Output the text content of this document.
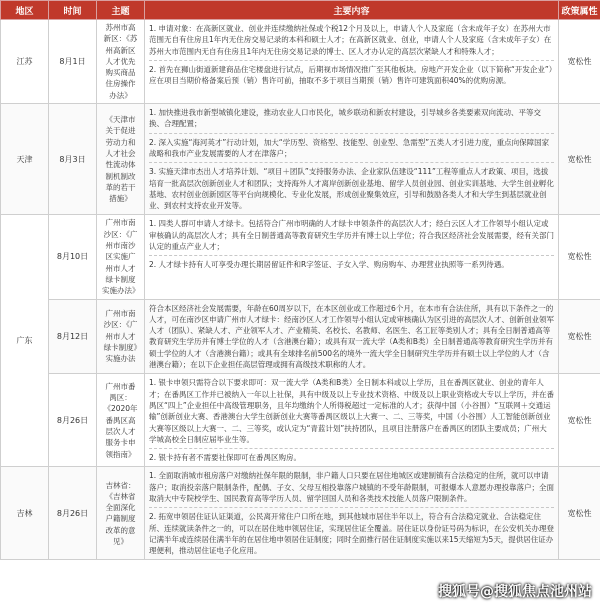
地区	时间	主题	主要内容	政策属性
江苏	8月1日	苏州市高新区：《苏州高新区人才优先购买商品住房操作办法》	1. 申请对象：在高新区就业、创业并连续缴纳社保或个税12个月及以上，申请人个人及家庭（含未成年子女）在苏州大市范围无自有住房且1年内无住房交易记录的本科和硕士人才；在高新区就业、创业，申请人个人及家庭（含未成年子女）在苏州大市范围内无自有住房且1年内无住房交易记录的博士、区人才办认定的高层次紧缺人才和特殊人才；
2. 首先在狮山街道新建商品住宅楼盘进行试点，后期视市场情况推广至其他板块。房地产开发企业（以下简称“开发企业”）应在项目当期价格备案后预（销）售许可前，抽取不多于项目当期预（销）售许可建筑面积40%的优购房源。	宽松性
天津	8月3日	《天津市关于促进劳动力和人才社会性流动体制机制改革的若干措施》	1. 加快推进我市新型城镇化建设，推动农业人口市民化，城乡联动和新农村建设，引导城乡各类要素双向流动、平等交换、合理配置；
2. 深入实施“海河英才”行动计划，加大“学历型、资格型、技能型、创业型、急需型”五类人才引进力度，重点向保障国家战略和我市产业发展需要的人才在津落户；
3. 实施天津市杰出人才培养计划、“项目＋团队”支持服务办法、企业家队伍建设“111”工程等重点人才政策、项目，选拔培育一批高层次创新创业人才和团队；支持海外人才离岸创新创业基地、留学人员创业园、创业实训基地、大学生创业孵化基地、农村创业创新园区等平台向规模化、专业化发展，形成创业聚集效应，引导和鼓励各类人才和大学生到基层就业创业、到农村支持农业开发等。	宽松性
广东	8月10日	广州市南沙区：《广州市南沙区实施广州市人才绿卡制度实施办法》	1. 四类人群可申请人才绿卡。包括符合广州市明确的人才绿卡申领条件的高层次人才；经白云区人才工作领导小组认定或审核确认的高层次人才；具有全日制普通高等教育研究生学历并有博士以上学位；符合我区经济社会发展需要，经有关部门认定的重点产业人才；
2. 人才绿卡持有人可享受办理长期居留证件和R字签证、子女入学、购房购车、办理营业执照等一系列待遇。	宽松性
	8月12日	广州市南沙区：《广州市人才绿卡制度》实施办法	符合本区经济社会发展需要，年龄在60周岁以下，在本区创业或工作超过6个月，在本市有合法住所，具有以下条件之一的人才，可在南沙区申请广州市人才绿卡：经南沙区人才工作领导小组认定或审核确认为区引进的高层次人才、创新创业领军人才（团队）、紧缺人才、产业领军人才、产业精英、名校长、名教师、名医生、名工匠等类别人才；具有全日制普通高等教育研究生学历并有博士学位的人才（含港澳台籍）；或具有双一流大学（A类和B类）全日制普通高等教育研究生学历并有硕士学位的人才（含港澳台籍）；或具有全球排名前500名的境外一流大学全日制研究生学历并有硕士以上学位的人才（含港澳台籍）；在以下企业担任高层管理或拥有高级技术职称的人才。	宽松性
	8月26日	广州市番禺区：《2020年番禺区高层次人才服务卡申领指南》	1. 银卡申领只需符合以下要求即可：双一流大学（A类和B类）全日制本科或以上学历，且在番禺区就业、创业的青年人才；在番禺区工作并已被纳入一年以上社保，具有中级及以上专业技术资格、中级及以上职业资格或大专以上学历，并在番禺区“四上”企业担任中高级管理职务，且年均缴纳个人所得税超过一定标准的人才；获得中国（小谷围）“互联网＋交通运输”创新创业大赛、香港澳台大学生创新创业大赛等番禺区级以上大赛一、二、三等奖，中国（小谷围）人工智能创新创业大赛等区级以上大赛一、二、三等奖，或认定为“青蓝计划”扶持团队，且项目注册落户在番禺区的团队主要成员；广州大学城高校全日制应届毕业生等。
2. 银卡持有者不需要社保即可在番禺区购房。	宽松性
吉林	8月26日	吉林省：《吉林省全面深化户籍制度改革的意见》	1. 全面取消城市租房落户对缴纳社保年限的限制，非户籍人口只要在居住地城区或建制镇有合法稳定的住所，就可以申请落户；取消投亲落户限制条件，配偶、子女、父母互相投靠落户城镇的不受年龄限制，可报爆本人意愿办理投靠落户；全面取消大中专院校学生、国民教育高等学历人员、留学回国人员和各类技术技能人员落户限制条件。
2. 拓宽申领居住证认证渠道，公民离开常住户口所在地，到其他城市居住半年以上，符合有合法稳定就业、合法稳定住所、连续就读条件之一的，可以在居住地申领居住证，实现居住证全覆盖。居住证以身份证号码为标识，在公安机关办理登记满半年或连续居住满半年的在居住地申领居住证制度；同时全面推行居住证制度实施以来15天缩短为5天，提供居住证办理便利，推动居住证电子化应用。	宽松性
搜狐号@搜狐焦点池州站
